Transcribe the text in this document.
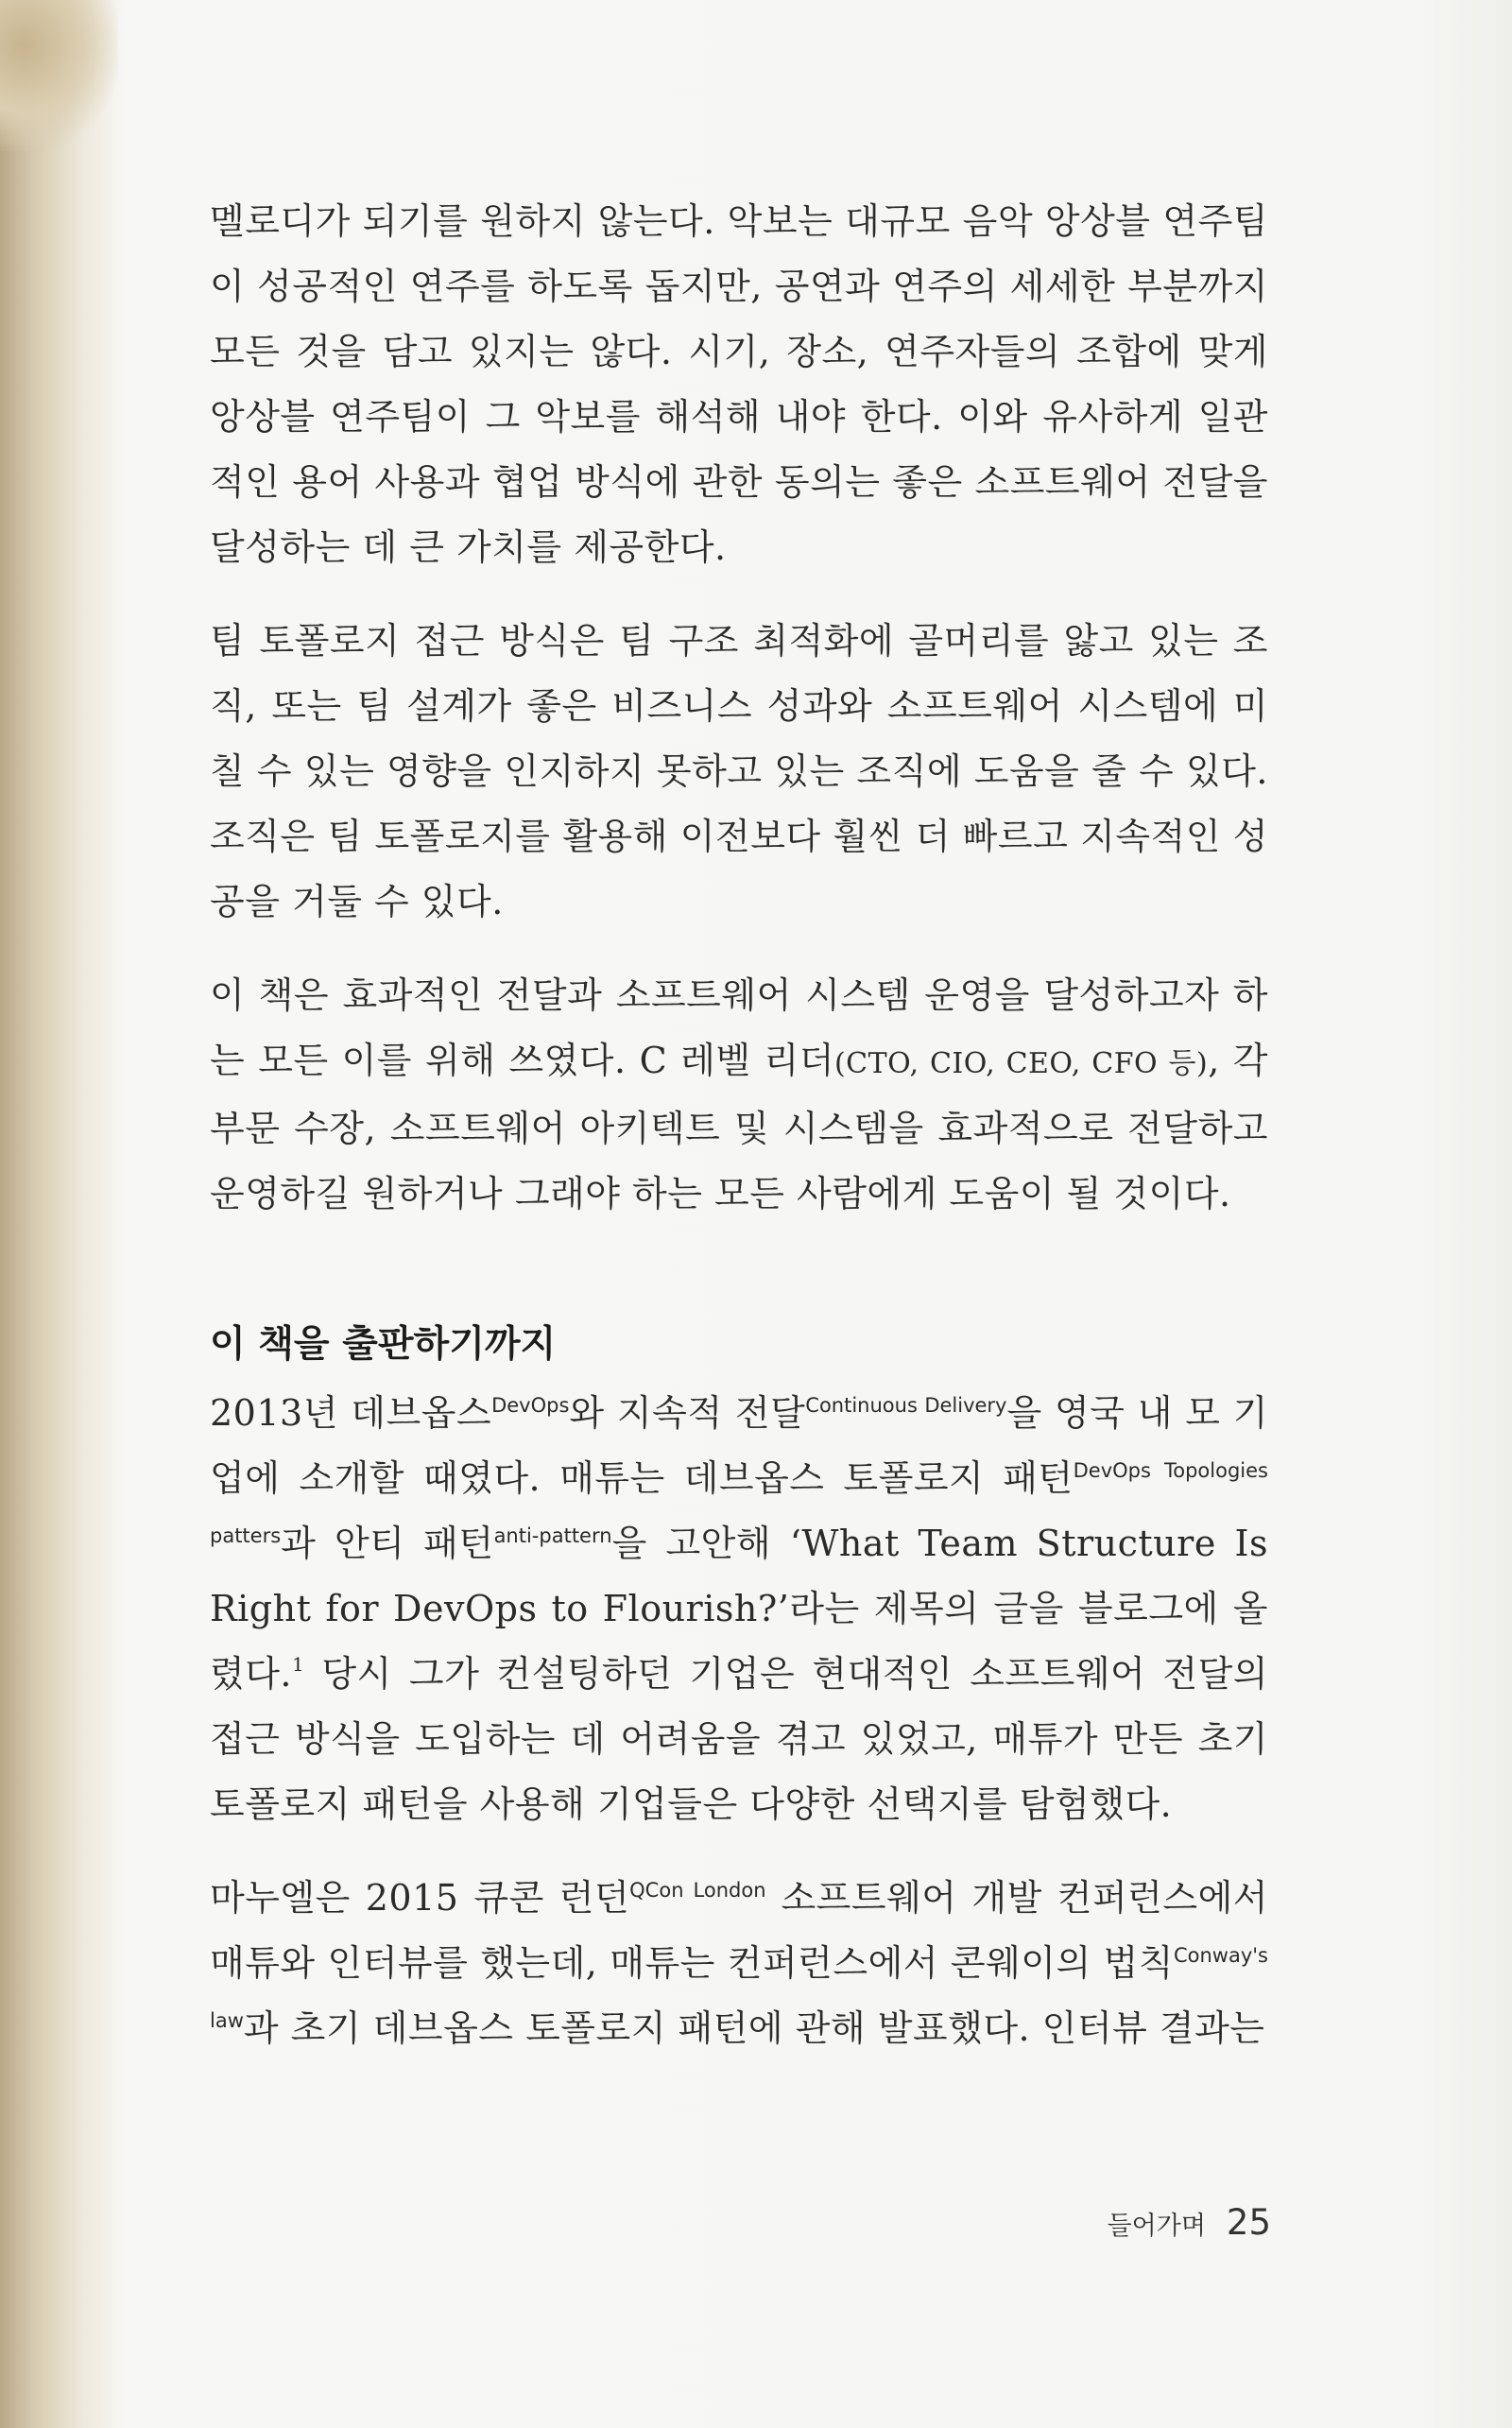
멜로디가 되기를 원하지 않는다. 악보는 대규모 음악 앙상블 연주팀이 성공적인 연주를 하도록 돕지만, 공연과 연주의 세세한 부분까지 모든 것을 담고 있지는 않다. 시기, 장소, 연주자들의 조합에 맞게 앙상블 연주팀이 그 악보를 해석해 내야 한다. 이와 유사하게 일관적인 용어 사용과 협업 방식에 관한 동의는 좋은 소프트웨어 전달을 달성하는 데 큰 가치를 제공한다.

팀 토폴로지 접근 방식은 팀 구조 최적화에 골머리를 앓고 있는 조직, 또는 팀 설계가 좋은 비즈니스 성과와 소프트웨어 시스템에 미칠 수 있는 영향을 인지하지 못하고 있는 조직에 도움을 줄 수 있다. 조직은 팀 토폴로지를 활용해 이전보다 훨씬 더 빠르고 지속적인 성공을 거둘 수 있다.

이 책은 효과적인 전달과 소프트웨어 시스템 운영을 달성하고자 하는 모든 이를 위해 쓰였다. C 레벨 리더(CTO, CIO, CEO, CFO 등), 각 부문 수장, 소프트웨어 아키텍트 및 시스템을 효과적으로 전달하고 운영하길 원하거나 그래야 하는 모든 사람에게 도움이 될 것이다.

이 책을 출판하기까지

2013년 데브옵스$^{DevOps}$와 지속적 전달$^{Continuous Delivery}$을 영국 내 모 기업에 소개할 때였다. 매튜는 데브옵스 토폴로지 패턴$^{DevOps Topologies patters}$과 안티 패턴$^{anti-pattern}$을 고안해 ‘What Team Structure Is Right for DevOps to Flourish?’라는 제목의 글을 블로그에 올렸다.$^1$ 당시 그가 컨설팅하던 기업은 현대적인 소프트웨어 전달의 접근 방식을 도입하는 데 어려움을 겪고 있었고, 매튜가 만든 초기 토폴로지 패턴을 사용해 기업들은 다양한 선택지를 탐험했다.

마누엘은 2015 큐콘 런던$^{QCon London}$ 소프트웨어 개발 컨퍼런스에서 매튜와 인터뷰를 했는데, 매튜는 컨퍼런스에서 콘웨이의 법칙$^{Conway's law}$과 초기 데브옵스 토폴로지 패턴에 관해 발표했다. 인터뷰 결과는

들어가며 25
